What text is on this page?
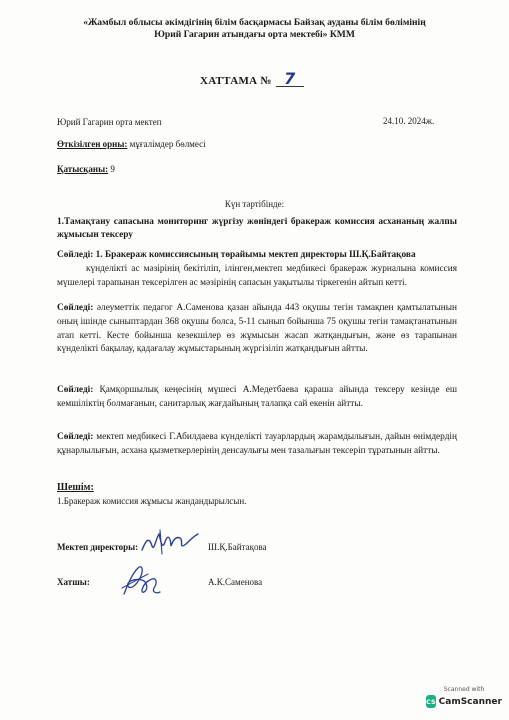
«Жамбыл облысы әкімдігінің білім басқармасы Байзақ ауданы білім бөлімінің
Юрий Гагарин атындағы орта мектебі» КММ
ХАТТАМА № 7
Юрий Гагарин орта мектеп	24.10. 2024ж.
Өткізілген орны: мұғалімдер бөлмесі
Қатысқаны: 9
Күн тәртібінде:
1.Тамақтану сапасына мониторинг жүргізу жөніндегі бракераж комиссия асхананың жалпы жұмысын тексеру
Сөйледі: 1. Бракераж комиссиясының төрайымы мектеп директоры Ш.Қ.Байтақова
күнделікті ас мәзірінің бекітіліп, ілінген,мектеп медбикесі бракераж журналына комиссия мүшелері тарапынан тексерілген ас мәзірінің сапасын уақытылы тіркегенін айтып кетті.
Сөйледі: әлеуметтік педагог А.Саменова қазан айында 443 оқушы тегін тамақпен қамтылатынын оның ішінде сыныптардан 368 оқушы болса, 5-11 сынып бойынша 75 оқушы тегін тамақтанатынын атап кетті. Кесте бойынша кезекшілер өз жұмысын жасап жатқандығын, және өз тарапынан күнделікті бақылау, қадағалау жұмыстарының жүргізіліп жатқандығын айтты.
Сөйледі: Қамқоршылық кеңесінің мүшесі А.Медетбаева қараша айында тексеру кезінде еш кемшіліктің болмағанын, санитарлық жағдайының талапқа сай екенін айтты.
Сөйледі: мектеп медбикесі Г.Абилдаева күнделікті тауарлардың жарамдылығын, дайын өнімдердің құнарлылығын, асхана қызметкерлерінің денсаулығы мен тазалығын тексеріп тұратынын айтты.
Шешім:
1.Бракераж комиссия жұмысы жандандырылсын.
Мектеп директоры:	Ш.Қ.Байтақова
Хатшы:	А.К.Саменова
Scanned with
CS CamScanner
